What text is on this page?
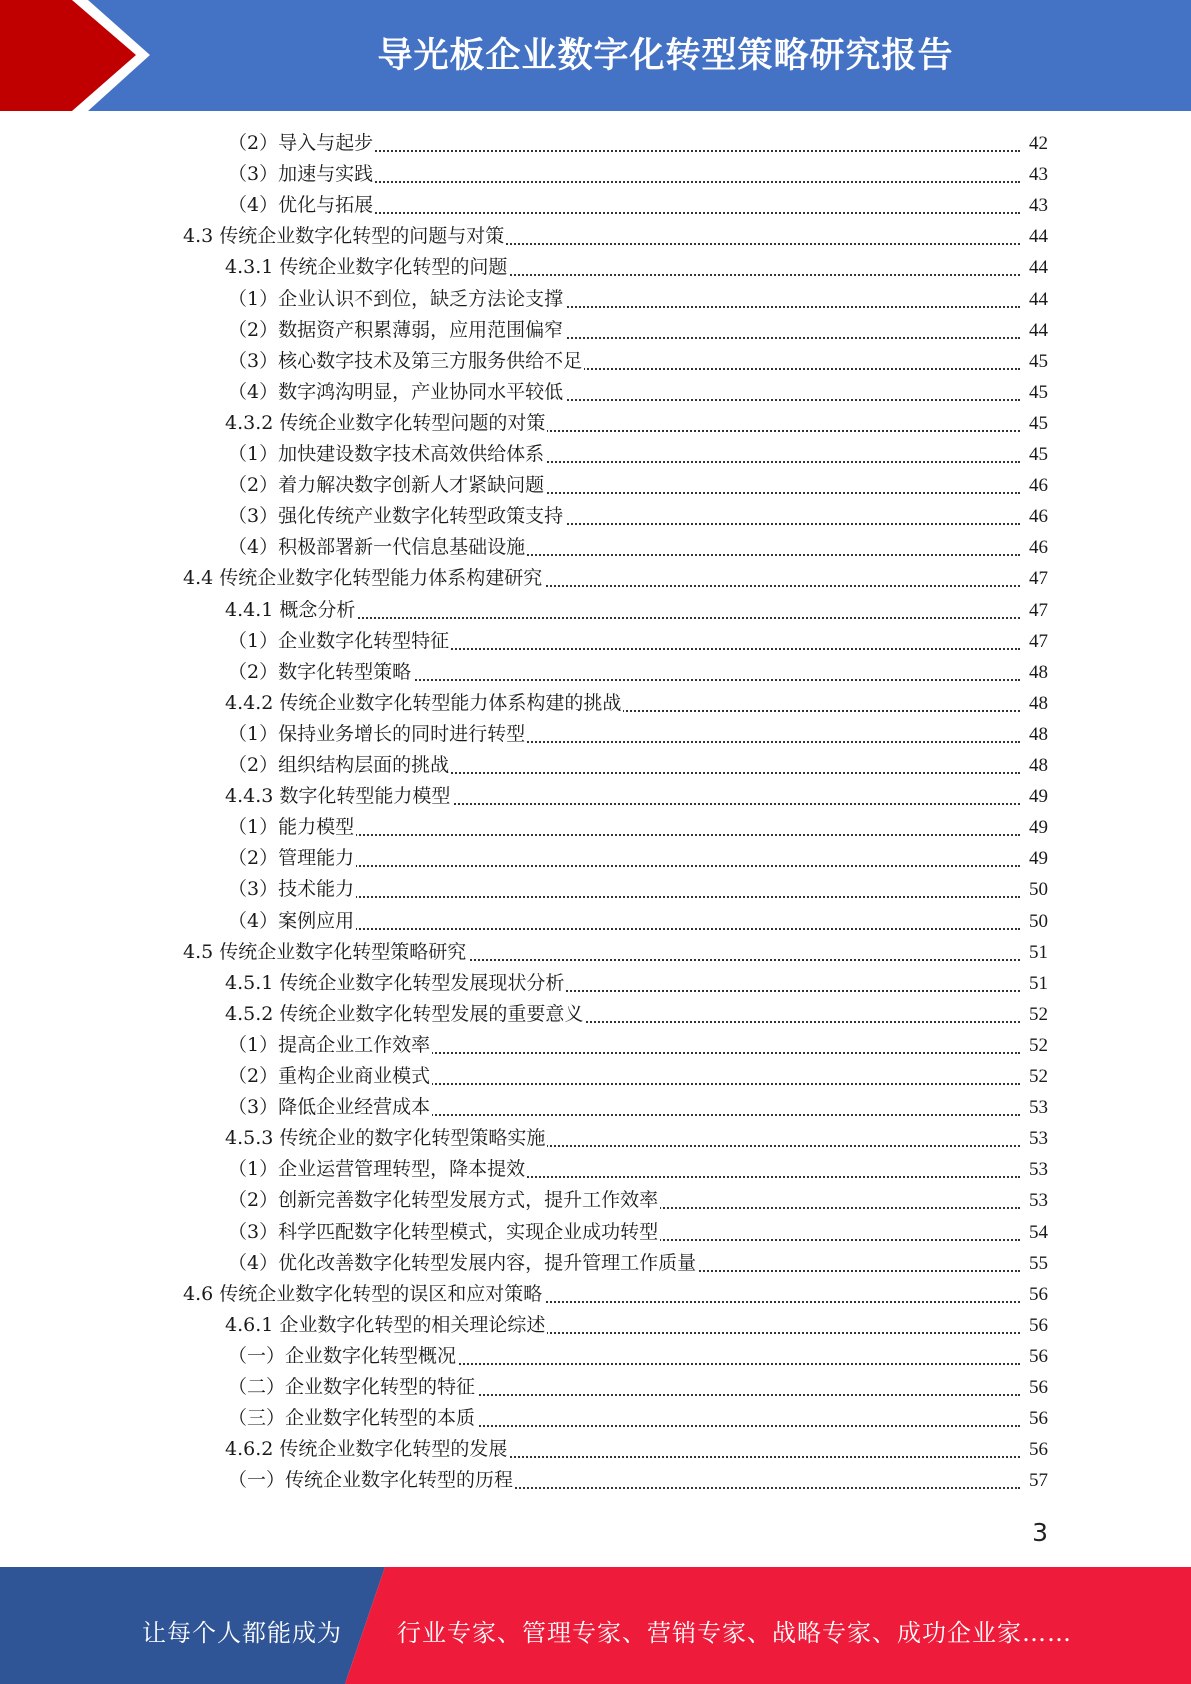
导光板企业数字化转型策略研究报告
（2）导入与起步	42
（3）加速与实践	43
（4）优化与拓展	43
4.3 传统企业数字化转型的问题与对策	44
4.3.1 传统企业数字化转型的问题	44
（1）企业认识不到位，缺乏方法论支撑	44
（2）数据资产积累薄弱，应用范围偏窄	44
（3）核心数字技术及第三方服务供给不足	45
（4）数字鸿沟明显，产业协同水平较低	45
4.3.2 传统企业数字化转型问题的对策	45
（1）加快建设数字技术高效供给体系	45
（2）着力解决数字创新人才紧缺问题	46
（3）强化传统产业数字化转型政策支持	46
（4）积极部署新一代信息基础设施	46
4.4 传统企业数字化转型能力体系构建研究	47
4.4.1 概念分析	47
（1）企业数字化转型特征	47
（2）数字化转型策略	48
4.4.2 传统企业数字化转型能力体系构建的挑战	48
（1）保持业务增长的同时进行转型	48
（2）组织结构层面的挑战	48
4.4.3 数字化转型能力模型	49
（1）能力模型	49
（2）管理能力	49
（3）技术能力	50
（4）案例应用	50
4.5 传统企业数字化转型策略研究	51
4.5.1 传统企业数字化转型发展现状分析	51
4.5.2 传统企业数字化转型发展的重要意义	52
（1）提高企业工作效率	52
（2）重构企业商业模式	52
（3）降低企业经营成本	53
4.5.3 传统企业的数字化转型策略实施	53
（1）企业运营管理转型，降本提效	53
（2）创新完善数字化转型发展方式，提升工作效率	53
（3）科学匹配数字化转型模式，实现企业成功转型	54
（4）优化改善数字化转型发展内容，提升管理工作质量	55
4.6 传统企业数字化转型的误区和应对策略	56
4.6.1 企业数字化转型的相关理论综述	56
（一）企业数字化转型概况	56
（二）企业数字化转型的特征	56
（三）企业数字化转型的本质	56
4.6.2 传统企业数字化转型的发展	56
（一）传统企业数字化转型的历程	57
3
让每个人都能成为 行业专家、管理专家、营销专家、战略专家、成功企业家……
